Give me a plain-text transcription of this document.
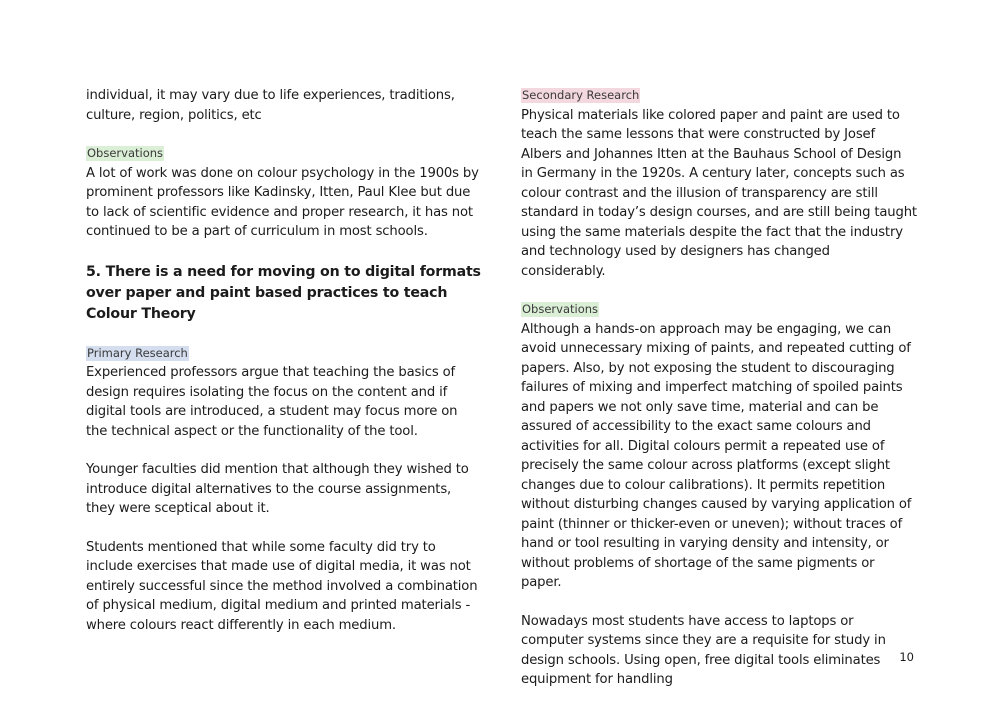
individual, it may vary due to life experiences, traditions, culture, region, politics, etc

Observations

A lot of work was done on colour psychology in the 1900s by prominent professors like Kadinsky, Itten, Paul Klee but due to lack of scientific evidence and proper research, it has not continued to be a part of curriculum in most schools.

5. There is a need for moving on to digital formats over paper and paint based practices to teach Colour Theory

Primary Research

Experienced professors argue that teaching the basics of design requires isolating the focus on the content and if digital tools are introduced, a student may focus more on the technical aspect or the functionality of the tool.

Younger faculties did mention that although they wished to introduce digital alternatives to the course assignments, they were sceptical about it.

Students mentioned that while some faculty did try to include exercises that made use of digital media, it was not entirely successful since the method involved a combination of physical medium, digital medium and printed materials - where colours react differently in each medium.

Secondary Research

Physical materials like colored paper and paint are used to teach the same lessons that were constructed by Josef Albers and Johannes Itten at the Bauhaus School of Design in Germany in the 1920s. A century later, concepts such as colour contrast and the illusion of transparency are still standard in today’s design courses, and are still being taught using the same materials despite the fact that the industry and technology used by designers has changed considerably.

Observations

Although a hands-on approach may be engaging, we can avoid unnecessary mixing of paints, and repeated cutting of papers. Also, by not exposing the student to discouraging failures of mixing and imperfect matching of spoiled paints and papers we not only save time, material and can be assured of accessibility to the exact same colours and activities for all. Digital colours permit a repeated use of precisely the same colour across platforms (except slight changes due to colour calibrations). It permits repetition without disturbing changes caused by varying application of paint (thinner or thicker-even or uneven); without traces of hand or tool resulting in varying density and intensity, or without problems of shortage of the same pigments or paper.

Nowadays most students have access to laptops or computer systems since they are a requisite for study in design schools. Using open, free digital tools eliminates equipment for handling

10
